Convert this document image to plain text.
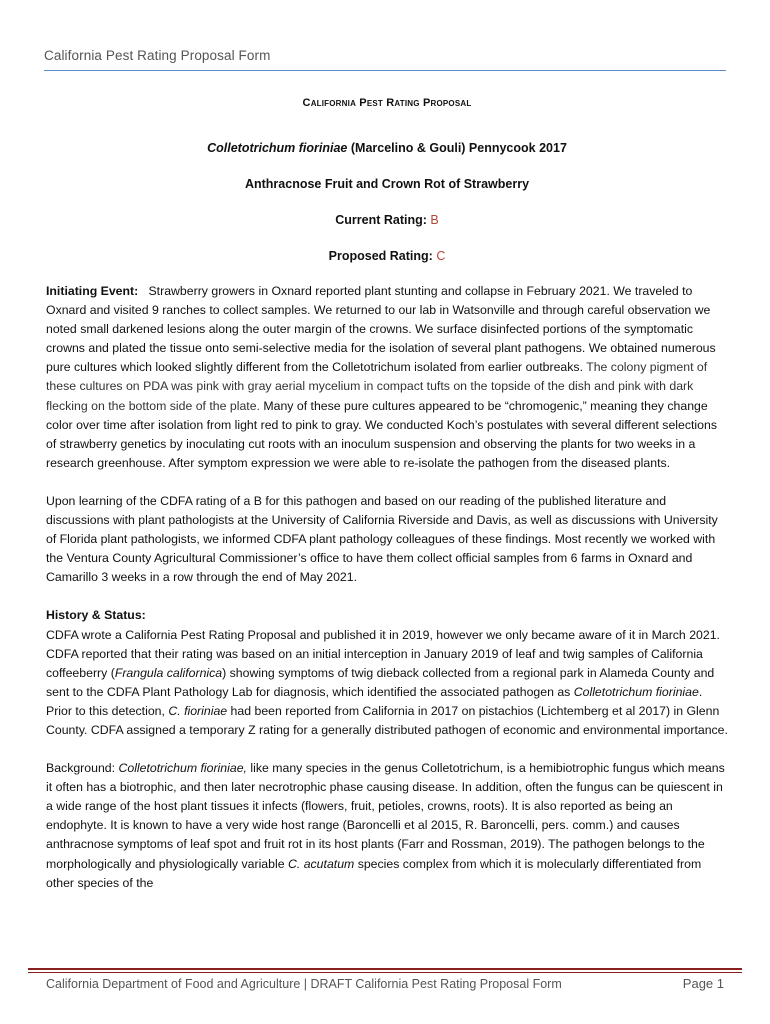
California Pest Rating Proposal Form
California Pest Rating Proposal
Colletotrichum fioriniae (Marcelino & Gouli) Pennycook 2017
Anthracnose Fruit and Crown Rot of Strawberry
Current Rating: B
Proposed Rating: C

Initiating Event: Strawberry growers in Oxnard reported plant stunting and collapse in February 2021. We traveled to Oxnard and visited 9 ranches to collect samples. We returned to our lab in Watsonville and through careful observation we noted small darkened lesions along the outer margin of the crowns. We surface disinfected portions of the symptomatic crowns and plated the tissue onto semi-selective media for the isolation of several plant pathogens. We obtained numerous pure cultures which looked slightly different from the Colletotrichum isolated from earlier outbreaks. The colony pigment of these cultures on PDA was pink with gray aerial mycelium in compact tufts on the topside of the dish and pink with dark flecking on the bottom side of the plate. Many of these pure cultures appeared to be “chromogenic,” meaning they change color over time after isolation from light red to pink to gray. We conducted Koch’s postulates with several different selections of strawberry genetics by inoculating cut roots with an inoculum suspension and observing the plants for two weeks in a research greenhouse. After symptom expression we were able to re-isolate the pathogen from the diseased plants.

Upon learning of the CDFA rating of a B for this pathogen and based on our reading of the published literature and discussions with plant pathologists at the University of California Riverside and Davis, as well as discussions with University of Florida plant pathologists, we informed CDFA plant pathology colleagues of these findings. Most recently we worked with the Ventura County Agricultural Commissioner’s office to have them collect official samples from 6 farms in Oxnard and Camarillo 3 weeks in a row through the end of May 2021.

History & Status:

CDFA wrote a California Pest Rating Proposal and published it in 2019, however we only became aware of it in March 2021. CDFA reported that their rating was based on an initial interception in January 2019 of leaf and twig samples of California coffeeberry (Frangula californica) showing symptoms of twig dieback collected from a regional park in Alameda County and sent to the CDFA Plant Pathology Lab for diagnosis, which identified the associated pathogen as Colletotrichum fioriniae. Prior to this detection, C. fioriniae had been reported from California in 2017 on pistachios (Lichtemberg et al 2017) in Glenn County. CDFA assigned a temporary Z rating for a generally distributed pathogen of economic and environmental importance.

Background: Colletotrichum fioriniae, like many species in the genus Colletotrichum, is a hemibiotrophic fungus which means it often has a biotrophic, and then later necrotrophic phase causing disease. In addition, often the fungus can be quiescent in a wide range of the host plant tissues it infects (flowers, fruit, petioles, crowns, roots). It is also reported as being an endophyte. It is known to have a very wide host range (Baroncelli et al 2015, R. Baroncelli, pers. comm.) and causes anthracnose symptoms of leaf spot and fruit rot in its host plants (Farr and Rossman, 2019). The pathogen belongs to the morphologically and physiologically variable C. acutatum species complex from which it is molecularly differentiated from other species of the

California Department of Food and Agriculture | DRAFT California Pest Rating Proposal Form	Page 1
